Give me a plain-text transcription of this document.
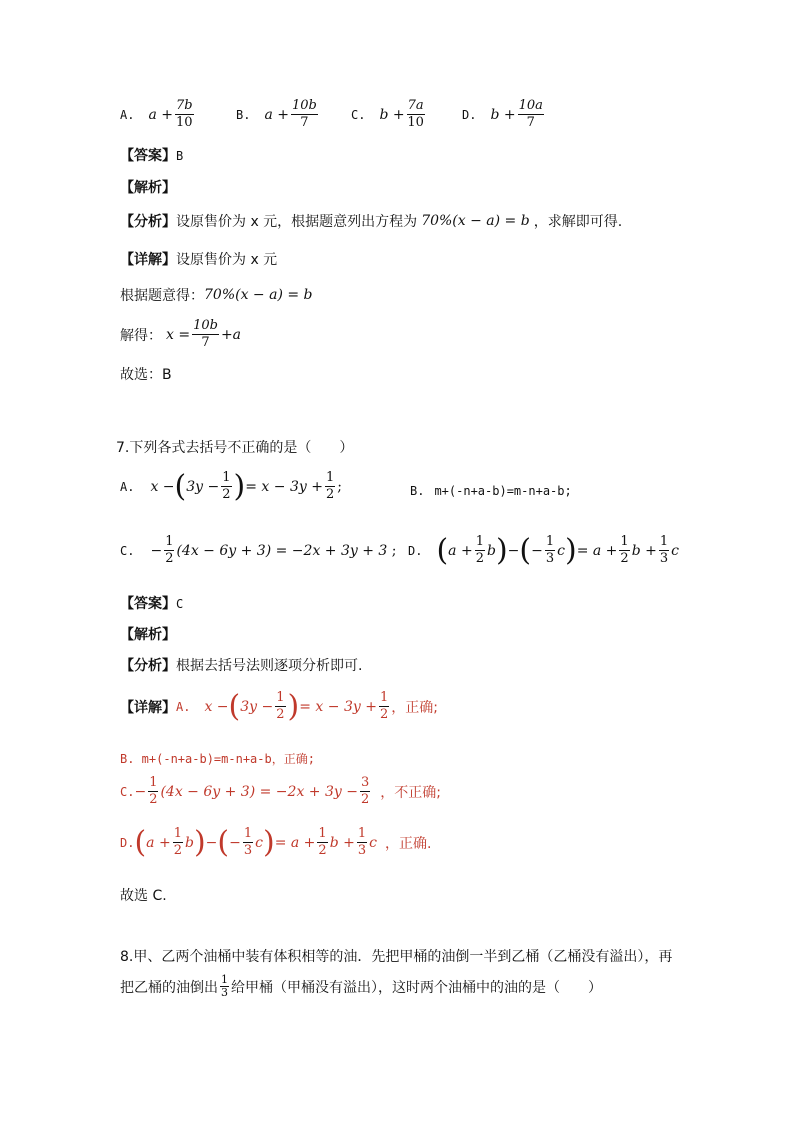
A. $a + \frac{7b}{10}$	B. $a + \frac{10b}{7}$	C. $b + \frac{7a}{10}$	D. $b + \frac{10a}{7}$
【答案】B
【解析】
【分析】 设原售价为 x 元，根据题意列出方程为 70%(x − a) = b ，求解即可得.
【详解】设原售价为 x 元
根据题意得： 70%(x − a) = b
解得： $x = \frac{10b}{7} +a$
故选：B
7.下列各式去括号不正确的是（　　）
A. x − ( $3y - \frac{1}{2}$ ) = $x - 3y + \frac{1}{2}$ ;	B. m+(-n+a-b)=m-n+a-b;
C. − $\frac{1}{2} (4x - 6y + 3) = -2x + 3y + 3$ ; D. ( $a + \frac{1}{2}$ b ) − ( − $\frac{1}{3}$ c ) = $a + \frac{1}{2}$ $b + \frac{1}{3}$ c
【答案】C
【解析】
【分析】根据去括号法则逐项分析即可.
【详解】 A. x − ( $3y - \frac{1}{2}$ ) = $x - 3y + \frac{1}{2}$ ，正确;
B. m+(-n+a-b)=m-n+a-b，正确;
C. − $\frac{1}{2} (4x - 6y + 3) = -2x + 3y - \frac{3}{2}$ ，不正确;
D. ( $a + \frac{1}{2}$ b ) − ( − $\frac{1}{3}$ c ) = $a + \frac{1}{2}$ $b + \frac{1}{3}$ c ，正确.
故选 C.
8.甲、乙两个油桶中装有体积相等的油．先把甲桶的油倒一半到乙桶（乙桶没有溢出），再
把乙桶的油倒出 $\frac{1}{3}$ 给甲桶（甲桶没有溢出），这时两个油桶中的油的是（　　）
